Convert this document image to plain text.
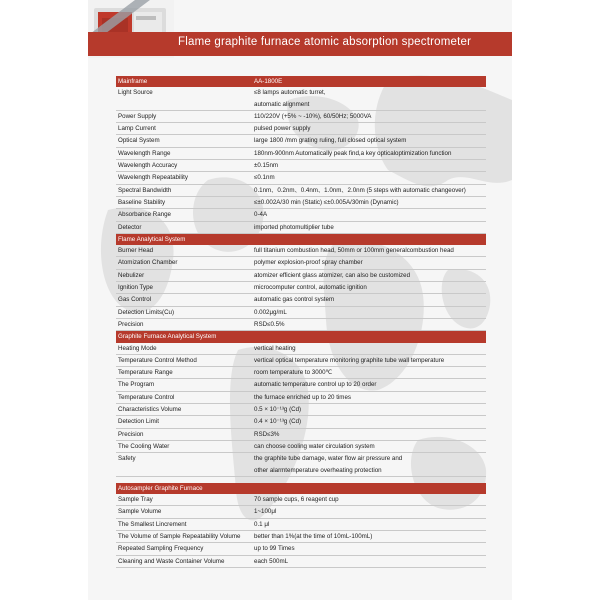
Flame graphite furnace atomic absorption spectrometer
Mainframe	AA-1800E
Light Source	≤8 lamps automatic turret,
	automatic alignment
Power Supply	110/220V (+5% ~ -10%), 60/50Hz; 5000VA
Lamp Current	pulsed power supply
Optical System	large 1800 /mm grating ruling, full closed optical system
Wavelength Range	180nm-900nm Automatically peak find,a key opticaloptimization function
Wavelength Accuracy	±0.15nm
Wavelength Repeatability	≤0.1nm
Spectral Bandwidth	0.1nm、0.2nm、0.4nm、1.0nm、2.0nm (5 steps with automatic changeover)
Baseline Stability	≤±0.002A/30 min (Static) ≤±0.005A/30min (Dynamic)
Absorbance Range	0-4A
Detector	imported photomultiplier tube
Flame Analytical System	
Burner Head	full titanium combustion head, 50mm or 100mm generalcombustion head
Atomization Chamber	polymer explosion-proof spray chamber
Nebulizer	atomizer efficient glass atomizer, can also be customized
Ignition Type	microcomputer control, automatic ignition
Gas Control	automatic gas control system
Detection Limits(Cu)	0.002μg/mL
Precision	RSD≤0.5%
Graphite Furnace Analytical System	
Heating Mode	vertical heating
Temperature Control Method	vertical optical temperature monitoring graphite tube wall temperature
Temperature Range	room temperature to 3000℃
The Program	automatic temperature control up to 20 order
Temperature Control	the furnace enriched up to 20 times
Characteristics Volume	0.5 × 10⁻¹³g (Cd)
Detection Limit	0.4 × 10⁻¹³g (Cd)
Precision	RSD≤3%
The Cooling Water	can choose cooling water circulation system
Safety	the graphite tube damage, water flow air pressure and
	other alarmtemperature overheating protection

Autosampler Graphite Furnace	
Sample Tray	70 sample cups, 6 reagent cup
Sample Volume	1~100μl
The Smallest Lincrement	0.1 μl
The Volume of Sample Repeatability Volume	better than 1%(at the time of 10mL-100mL)
Repeated Sampling Frequency	up to 99 Times
Cleaning and Waste Container Volume	each 500mL
